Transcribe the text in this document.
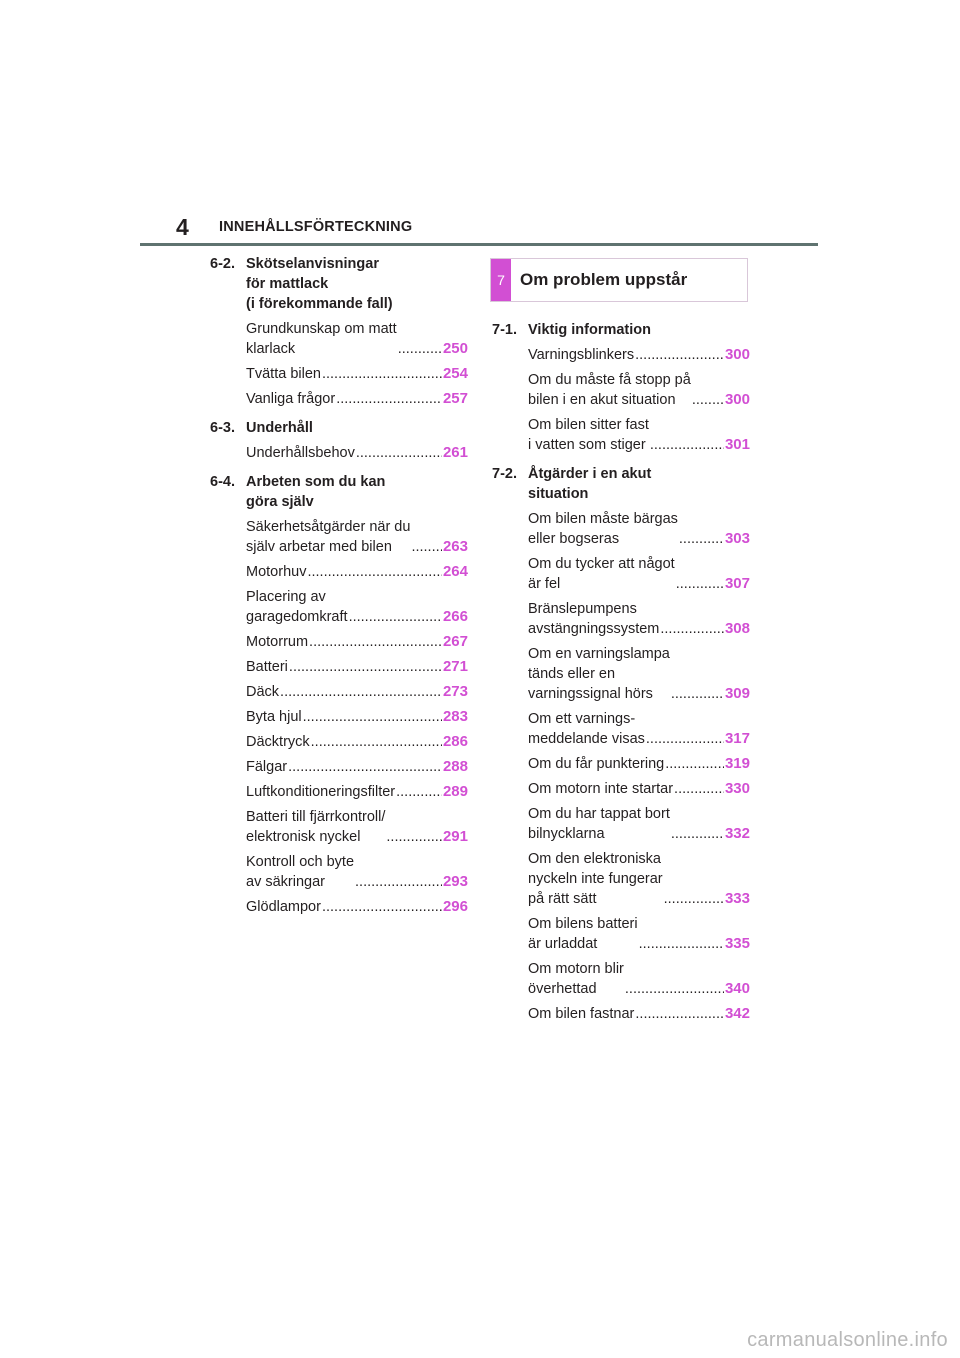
4 INNEHÅLLSFÖRTECKNING
6-2. Skötselanvisningar
för mattlack
(i förekommande fall)
Grundkunskap om matt
klarlack .....	250
Tvätta bilen .....	254
Vanliga frågor .....	257
6-3. Underhåll
Underhållsbehov .....	261
6-4. Arbeten som du kan
göra själv
Säkerhetsåtgärder när du
själv arbetar med bilen .....	263
Motorhuv .....	264
Placering av
garagedomkraft .....	266
Motorrum .....	267
Batteri .....	271
Däck .....	273
Byta hjul .....	283
Däcktryck .....	286
Fälgar .....	288
Luftkonditioneringsfilter .....	289
Batteri till fjärrkontroll/
elektronisk nyckel .....	291
Kontroll och byte
av säkringar .....	293
Glödlampor .....	296
7 Om problem uppstår
7-1. Viktig information
Varningsblinkers .....	300
Om du måste få stopp på
bilen i en akut situation .....	300
Om bilen sitter fast
i vatten som stiger .....	301
7-2. Åtgärder i en akut
situation
Om bilen måste bärgas
eller bogseras .....	303
Om du tycker att något
är fel .....	307
Bränslepumpens
avstängningssystem .....	308
Om en varningslampa
tänds eller en
varningssignal hörs .....	309
Om ett varnings-
meddelande visas .....	317
Om du får punktering .....	319
Om motorn inte startar .....	330
Om du har tappat bort
bilnycklarna .....	332
Om den elektroniska
nyckeln inte fungerar
på rätt sätt .....	333
Om bilens batteri
är urladdat .....	335
Om motorn blir
överhettad .....	340
Om bilen fastnar .....	342
carmanualsonline.info
